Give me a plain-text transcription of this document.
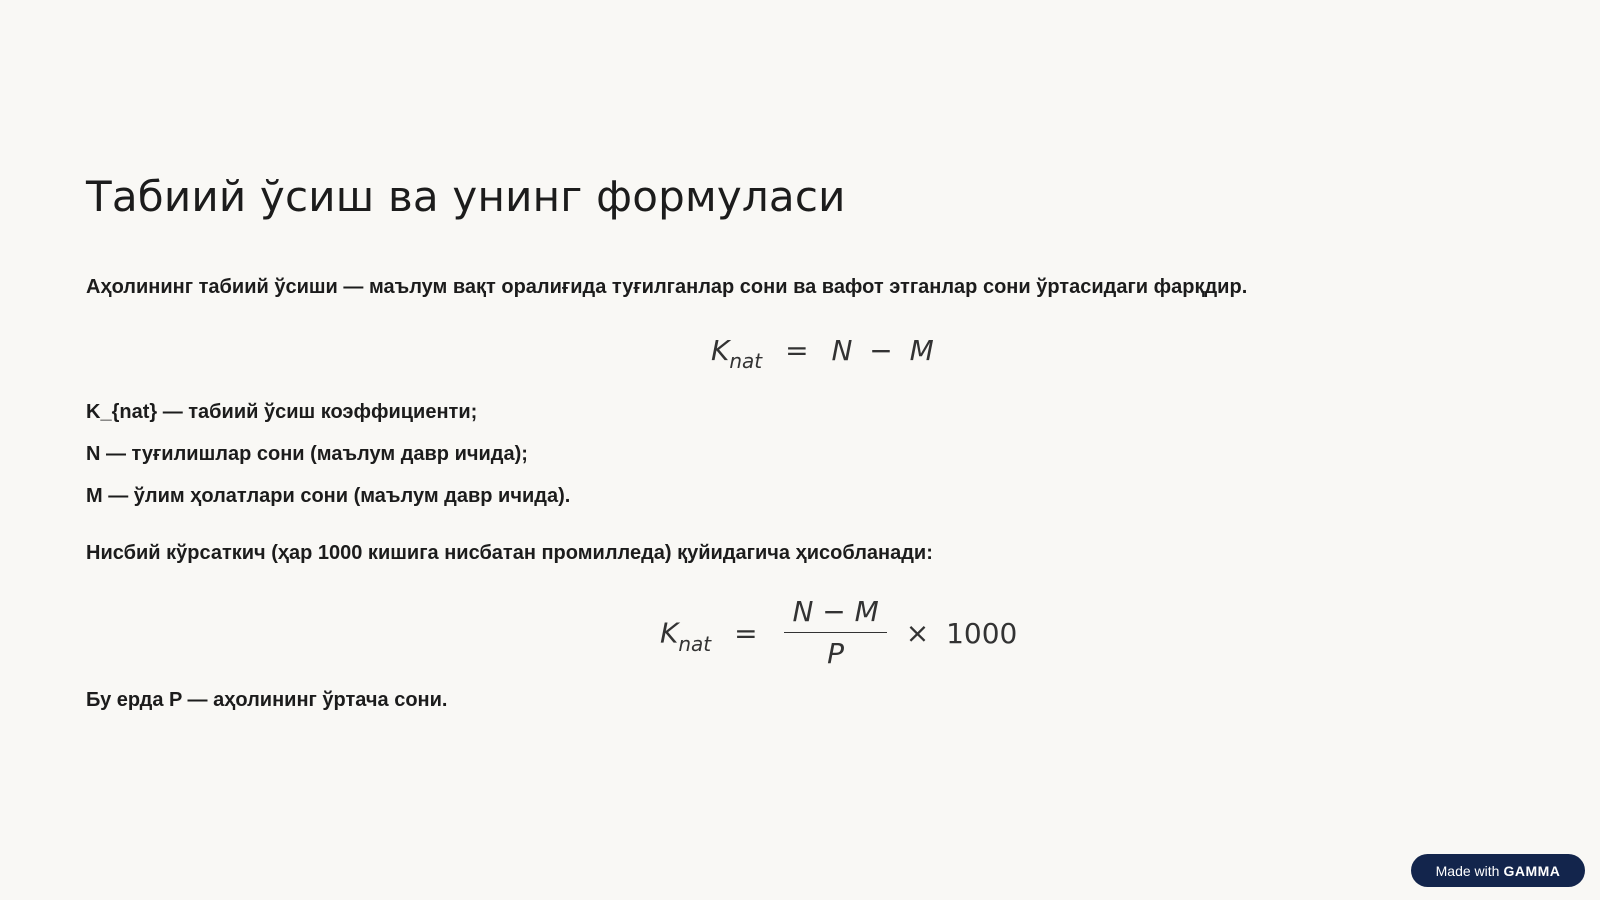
Табиий ўсиш ва унинг формуласи

Аҳолининг табиий ўсиши — маълум вақт оралиғида туғилганлар сони ва вафот этганлар сони ўртасидаги фарқдир.

$K_{nat} = N - M$

K_{nat} — табиий ўсиш коэффициенти;

N — туғилишлар сони (маълум давр ичида);

M — ўлим ҳолатлари сони (маълум давр ичида).

Нисбий кўрсаткич (ҳар 1000 кишига нисбатан промилледа) қуйидагича ҳисобланади:

$K_{nat} = \frac{N - M}{P} \times 1000$

Бу ерда P — аҳолининг ўртача сони.

Made with GAMMA
